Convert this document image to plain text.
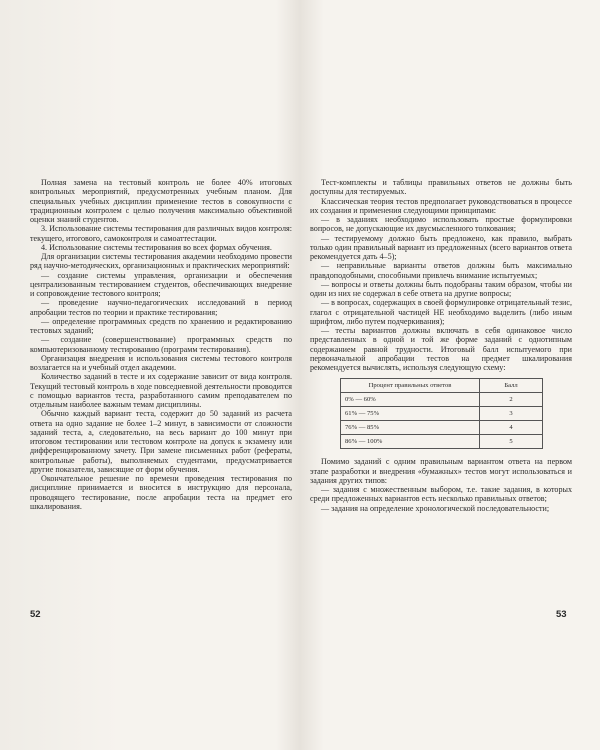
Полная замена на тестовый контроль не более 40% итоговых контрольных мероприятий, предусмотренных учебным планом. Для специальных учебных дисциплин применение тестов в совокупности с традиционным контролем с целью получения максимально объективной оценки знаний студентов.

3. Использование системы тестирования для различных видов контроля: текущего, итогового, самоконтроля и самоаттестации.

4. Использование системы тестирования во всех формах обучения.

Для организации системы тестирования академии необходимо провести ряд научно-методических, организационных и практических мероприятий:

— создание системы управления, организации и обеспечения централизованным тестированием студентов, обеспечивающих внедрение и сопровождение тестового контроля;

— проведение научно-педагогических исследований в период апробации тестов по теории и практике тестирования;

— определение программных средств по хранению и редактированию тестовых заданий;

— создание (совершенствование) программных средств по компьютеризованному тестированию (программ тестирования).

Организация внедрения и использования системы тестового контроля возлагается на и учебный отдел академии.

Количество заданий в тесте и их содержание зависит от вида контроля. Текущий тестовый контроль в ходе повседневной деятельности проводится с помощью вариантов теста, разработанного самим преподавателем по отдельным наиболее важным темам дисциплины.

Обычно каждый вариант теста, содержит до 50 заданий из расчета ответа на одно задание не более 1–2 минут, в зависимости от сложности заданий теста, а, следовательно, на весь вариант до 100 минут при итоговом тестировании или тестовом контроле на допуск к экзамену или дифференцированному зачету. При замене письменных работ (рефераты, контрольные работы), выполняемых студентами, предусматривается другие показатели, зависящие от форм обучения.

Окончательное решение по времени проведения тестирования по дисциплине принимается и вносится в инструкцию для персонала, проводящего тестирование, после апробации теста на предмет его шкалирования.

52

Тест-комплекты и таблицы правильных ответов не должны быть доступны для тестируемых.

Классическая теория тестов предполагает руководствоваться в процессе их создания и применения следующими принципами:

— в заданиях необходимо использовать простые формулировки вопросов, не допускающие их двусмысленного толкования;

— тестируемому должно быть предложено, как правило, выбрать только один правильный вариант из предложенных (всего вариантов ответа рекомендуется дать 4–5);

— неправильные варианты ответов должны быть максимально правдоподобными, способными привлечь внимание испытуемых;

— вопросы и ответы должны быть подобраны таким образом, чтобы ни один из них не содержал в себе ответа на другие вопросы;

— в вопросах, содержащих в своей формулировке отрицательный тезис, глагол с отрицательной частицей НЕ необходимо выделить (либо иным шрифтом, либо путем подчеркивания);

— тесты вариантов должны включать в себя одинаковое число представленных в одной и той же форме заданий с однотипным содержанием равной трудности. Итоговый балл испытуемого при первоначальной апробации тестов на предмет шкалирования рекомендуется вычислять, используя следующую схему:

Процент правильных ответов	Балл
0% — 60%	2
61% — 75%	3
76% — 85%	4
86% — 100%	5

Помимо заданий с одним правильным вариантом ответа на первом этапе разработки и внедрения «бумажных» тестов могут использоваться и задания других типов:

— задания с множественным выбором, т.е. такие задания, в которых среди предложенных вариантов есть несколько правильных ответов;

— задания на определение хронологической последовательности;

53
